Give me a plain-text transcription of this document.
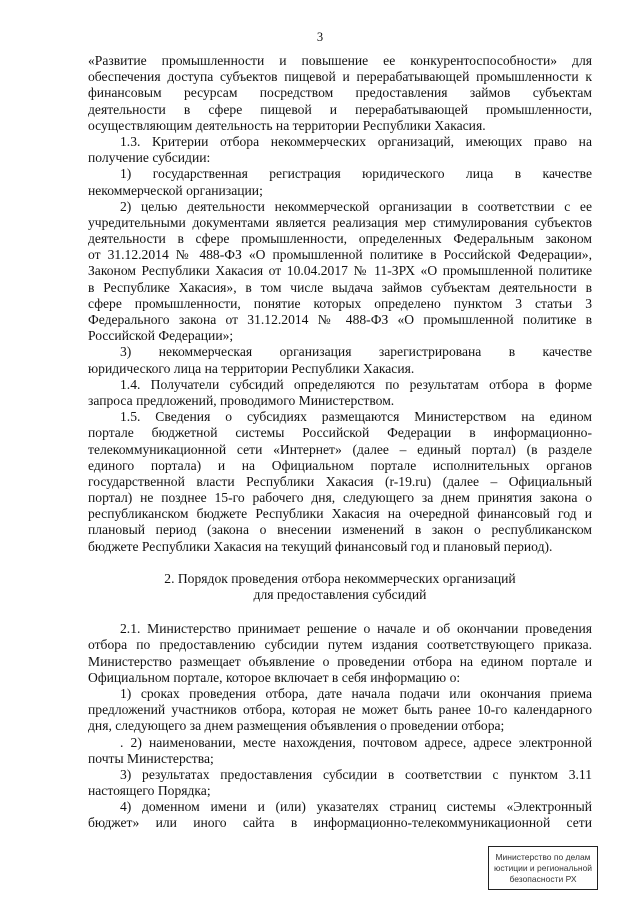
3
«Развитие промышленности и повышение ее конкурентоспособности» для
обеспечения доступа субъектов пищевой и перерабатывающей промышленности к
финансовым ресурсам посредством предоставления займов субъектам
деятельности в сфере пищевой и перерабатывающей промышленности,
осуществляющим деятельность на территории Республики Хакасия.
1.3. Критерии отбора некоммерческих организаций, имеющих право на
получение субсидии:
1) государственная регистрация юридического лица в качестве
некоммерческой организации;
2) целью деятельности некоммерческой организации в соответствии с ее
учредительными документами является реализация мер стимулирования субъектов
деятельности в сфере промышленности, определенных Федеральным законом
от 31.12.2014 № 488-ФЗ «О промышленной политике в Российской Федерации»,
Законом Республики Хакасия от 10.04.2017 № 11-ЗРХ «О промышленной политике
в Республике Хакасия», в том числе выдача займов субъектам деятельности в
сфере промышленности, понятие которых определено пунктом 3 статьи 3
Федерального закона от 31.12.2014 № 488-ФЗ «О промышленной политике в
Российской Федерации»;
3) некоммерческая организация зарегистрирована в качестве
юридического лица на территории Республики Хакасия.
1.4. Получатели субсидий определяются по результатам отбора в форме
запроса предложений, проводимого Министерством.
1.5. Сведения о субсидиях размещаются Министерством на едином
портале бюджетной системы Российской Федерации в информационно-
телекоммуникационной сети «Интернет» (далее – единый портал) (в разделе
единого портала) и на Официальном портале исполнительных органов
государственной власти Республики Хакасия (r-19.ru) (далее – Официальный
портал) не позднее 15-го рабочего дня, следующего за днем принятия закона о
республиканском бюджете Республики Хакасия на очередной финансовый год и
плановый период (закона о внесении изменений в закон о республиканском
бюджете Республики Хакасия на текущий финансовый год и плановый период).
2. Порядок проведения отбора некоммерческих организаций
для предоставления субсидий
2.1. Министерство принимает решение о начале и об окончании проведения
отбора по предоставлению субсидии путем издания соответствующего приказа.
Министерство размещает объявление о проведении отбора на едином портале и
Официальном портале, которое включает в себя информацию о:
1) сроках проведения отбора, дате начала подачи или окончания приема
предложений участников отбора, которая не может быть ранее 10-го календарного
дня, следующего за днем размещения объявления о проведении отбора;
. 2) наименовании, месте нахождения, почтовом адресе, адресе электронной
почты Министерства;
3) результатах предоставления субсидии в соответствии с пунктом 3.11
настоящего Порядка;
4) доменном имени и (или) указателях страниц системы «Электронный
бюджет» или иного сайта в информационно-телекоммуникационной сети
Министерство по делам
юстиции и региональной
безопасности РХ
